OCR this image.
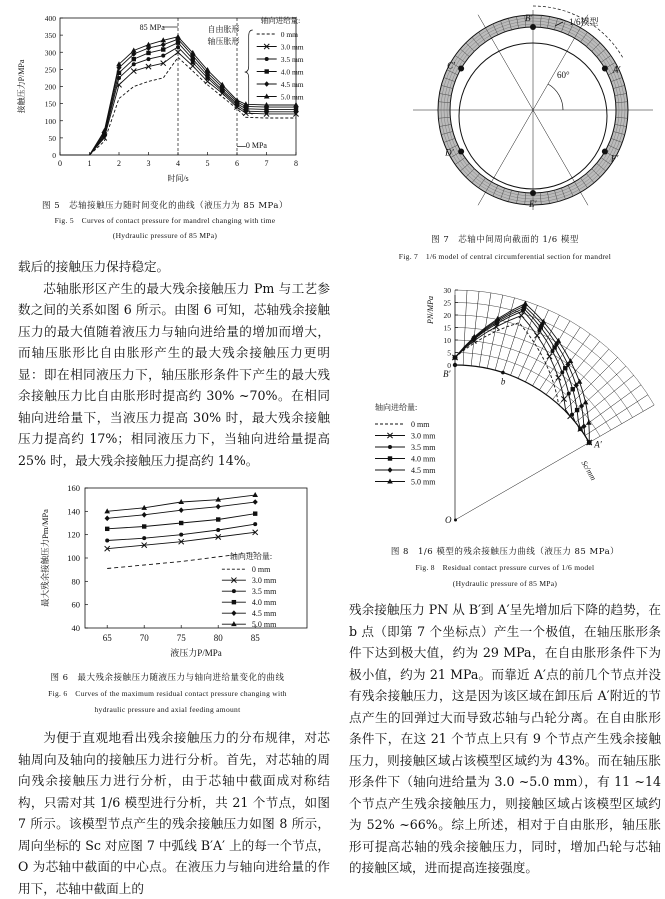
0	1	2	3	4	5	6	7	8
0
50
100
150
200
250
300
350
400
时间/s
接触压力P/MPa
85 MPa
0 MPa
自由胀形
轴压胀形
轴向进给量:
0 mm
3.0 mm
3.5 mm
4.0 mm
4.5 mm
5.0 mm
图 5　芯轴接触压力随时间变化的曲线（液压力为 85 MPa）
Fig. 5　Curves of contact pressure for mandrel changing with time
(Hydraulic pressure of 85 MPa)
B′
A′
C′
D′
E′
F′
60°
1/6模型
图 7　芯轴中间周向截面的 1/6 模型
Fig. 7　1/6 model of central circumferential section for mandrel

载后的接触压力保持稳定。

芯轴胀形区产生的最大残余接触压力 Pm 与工艺参数之间的关系如图 6 所示。由图 6 可知，芯轴残余接触压力的最大值随着液压力与轴向进给量的增加而增大，而轴压胀形比自由胀形产生的最大残余接触压力更明显：即在相同液压力下，轴压胀形条件下产生的最大残余接触压力比自由胀形时提高约 30% ~70%。在相同轴向进给量下，当液压力提高 30% 时，最大残余接触压力提高约 17%；相同液压力下，当轴向进给量提高 25% 时，最大残余接触压力提高约 14%。

65	70	75	80	85
40
60
80
100
120
140
160
液压力P/MPa
最大残余接触压力Pm/MPa	轴向进给量:
0 mm
3.0 mm
3.5 mm
4.0 mm
4.5 mm
5.0 mm
图 6　最大残余接触压力随液压力与轴向进给量变化的曲线
Fig. 6　Curves of the maximum residual contact pressure changing with
hydraulic pressure and axial feeding amount

为便于直观地看出残余接触压力的分布规律，对芯轴周向及轴向的接触压力进行分析。首先，对芯轴的周向残余接触压力进行分析，由于芯轴中截面成对称结构，只需对其 1/6 模型进行分析，共 21 个节点，如图 7 所示。该模型节点产生的残余接触压力如图 8 所示，周向坐标的 Sc 对应图 7 中弧线 B′A′ 上的每一个节点，O 为芯轴中截面的中心点。在液压力与轴向进给量的作用下，芯轴中截面上的

0
5
10
15
20
25
30
PN/MPa
B′
A′
O
b
Sc/mm
轴向进给量:
0 mm
3.0 mm
3.5 mm
4.0 mm
4.5 mm
5.0 mm
图 8　1/6 模型的残余接触压力曲线（液压力 85 MPa）
Fig. 8　Residual contact pressure curves of 1/6 model
(Hydraulic pressure of 85 MPa)

残余接触压力 PN 从 B′到 A′呈先增加后下降的趋势，在 b 点（即第 7 个坐标点）产生一个极值，在轴压胀形条件下达到极大值，约为 29 MPa，在自由胀形条件下为极小值，约为 21 MPa。而靠近 A′点的前几个节点并没有残余接触压力，这是因为该区域在卸压后 A′附近的节点产生的回弹过大而导致芯轴与凸轮分离。在自由胀形条件下，在这 21 个节点上只有 9 个节点产生残余接触压力，则接触区域占该模型区域约为 43%。而在轴压胀形条件下（轴向进给量为 3.0 ~5.0 mm），有 11 ~14 个节点产生残余接触压力，则接触区域占该模型区域约为 52% ~66%。综上所述，相对于自由胀形，轴压胀形可提高芯轴的残余接触压力，同时，增加凸轮与芯轴的接触区域，进而提高连接强度。
